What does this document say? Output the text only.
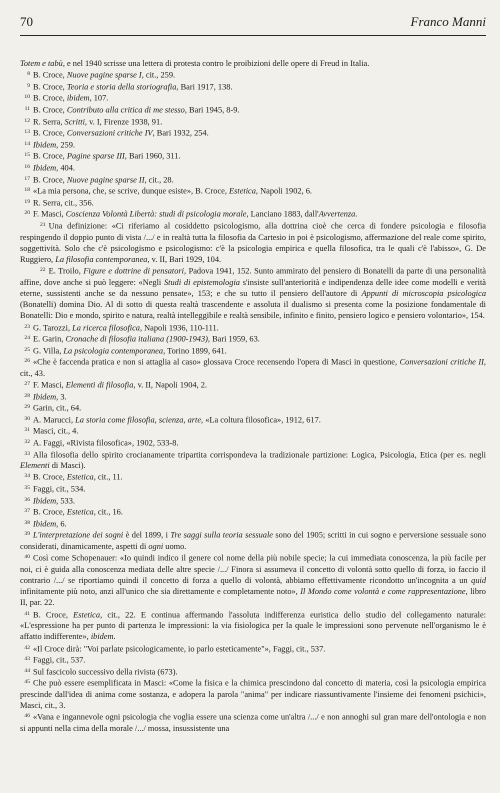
70	Franco Manni

Totem e tabù, e nel 1940 scrisse una lettera di protesta contro le proibizioni delle opere di Freud in Italia.

8 B. Croce, Nuove pagine sparse I, cit., 259.

9 B. Croce, Teoria e storia della storiografia, Bari 1917, 138.

10 B. Croce, ibidem, 107.

11 B. Croce, Contributo alla critica di me stesso, Bari 1945, 8-9.

12 R. Serra, Scritti, v. I, Firenze 1938, 91.

13 B. Croce, Conversazioni critiche IV, Bari 1932, 254.

14 Ibidem, 259.

15 B. Croce, Pagine sparse III, Bari 1960, 311.

16 Ibidem, 404.

17 B. Croce, Nuove pagine sparse II, cit., 28.

18 «La mia persona, che, se scrive, dunque esiste», B. Croce, Estetica, Napoli 1902, 6.

19 R. Serra, cit., 356.

20 F. Masci, Coscienza Volontà Libertà: studi di psicologia morale, Lanciano 1883, dall'Avvertenza.

21 Una definizione: «Ci riferiamo al cosiddetto psicologismo, alla dottrina cioè che cerca di fondere psicologia e filosofia respingendo il doppio punto di vista /.../ e in realtà tutta la filosofia da Cartesio in poi è psicologismo, affermazione del reale come spirito, soggettività. Solo che c'è psicologismo e psicologismo: c'è la psicologia empirica e quella filosofica, tra le quali c'è l'abisso», G. De Ruggiero, La filosofia contemporanea, v. II, Bari 1929, 104.

22 E. Troilo, Figure e dottrine di pensatori, Padova 1941, 152. Sunto ammirato del pensiero di Bonatelli da parte di una personalità affine, dove anche si può leggere: «Negli Studi di epistemologia s'insiste sull'anteriorità e indipendenza delle idee come modelli e verità eterne, sussistenti anche se da nessuno pensate», 153; e che su tutto il pensiero dell'autore di Appunti di microscopia psicologica (Bonatelli) domina Dio. Al di sotto di questa realtà trascendente e assoluta il dualismo si presenta come la posizione fondamentale di Bonatelli: Dio e mondo, spirito e natura, realtà intelleggibile e realtà sensibile, infinito e finito, pensiero logico e pensiero volontario», 154.

23 G. Tarozzi, La ricerca filosofica, Napoli 1936, 110-111.

24 E. Garin, Cronache di filosofia italiana (1900-1943), Bari 1959, 63.

25 G. Villa, La psicologia contemporanea, Torino 1899, 641.

26 «Che è faccenda pratica e non si attaglia al caso» glossava Croce recensendo l'opera di Masci in questione, Conversazioni critiche II, cit., 43.

27 F. Masci, Elementi di filosofia, v. II, Napoli 1904, 2.

28 Ibidem, 3.

29 Garin, cit., 64.

30 A. Marucci, La storia come filosofia, scienza, arte, «La coltura filosofica», 1912, 617.

31 Masci, cit., 4.

32 A. Faggi, «Rivista filosofica», 1902, 533-8.

33 Alla filosofia dello spirito crocianamente tripartita corrispondeva la tradizionale partizione: Logica, Psicologia, Etica (per es. negli Elementi di Masci).

34 B. Croce, Estetica, cit., 11.

35 Faggi, cit., 534.

36 Ibidem, 533.

37 B. Croce, Estetica, cit., 16.

38 Ibidem, 6.

39 L'interpretazione dei sogni è del 1899, i Tre saggi sulla teoria sessuale sono del 1905; scritti in cui sogno e perversione sessuale sono considerati, dinamicamente, aspetti di ogni uomo.

40 Così come Schopenauer: «Io quindi indico il genere col nome della più nobile specie; la cui immediata conoscenza, la più facile per noi, ci è guida alla conoscenza mediata delle altre specie /.../ Finora si assumeva il concetto di volontà sotto quello di forza, io faccio il contrario /.../ se riportiamo quindi il concetto di forza a quello di volontà, abbiamo effettivamente ricondotto un'incognita a un quid infinitamente più noto, anzi all'unico che sia direttamente e completamente noto», Il Mondo come volontà e come rappresentazione, libro II, par. 22.

41 B. Croce, Estetica, cit., 22. E continua affermando l'assoluta indifferenza euristica dello studio del collegamento naturale: «L'espressione ha per punto di partenza le impressioni: la via fisiologica per la quale le impressioni sono pervenute nell'organismo le è affatto indifferente», ibidem.

42 «Il Croce dirà: "Voi parlate psicologicamente, io parlo esteticamente"», Faggi, cit., 537.

43 Faggi, cit., 537.

44 Sul fascicolo successivo della rivista (673).

45 Che può essere esemplificata in Masci: «Come la fisica e la chimica prescindono dal concetto di materia, così la psicologia empirica prescinde dall'idea di anima come sostanza, e adopera la parola "anima" per indicare riassuntivamente l'insieme dei fenomeni psichici», Masci, cit., 3.

46 «Vana e ingannevole ogni psicologia che voglia essere una scienza come un'altra /.../ e non annoghi sul gran mare dell'ontologia e non si appunti nella cima della morale /.../ mossa, insussistente una
